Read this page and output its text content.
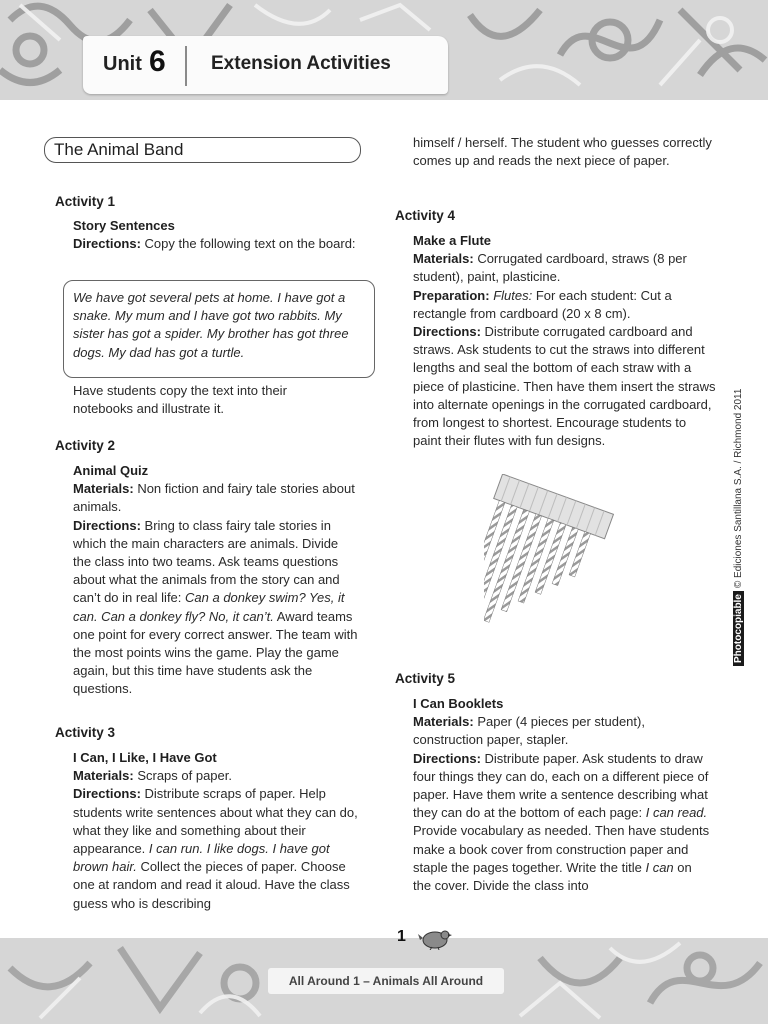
Unit 6 Extension Activities
The Animal Band

Activity 1

Story Sentences

Directions: Copy the following text on the board:

We have got several pets at home. I have got a snake. My mum and I have got two rabbits. My sister has got a spider. My brother has got three dogs. My dad has got a turtle.

Have students copy the text into their notebooks and illustrate it.

Activity 2

Animal Quiz

Materials: Non fiction and fairy tale stories about animals.

Directions: Bring to class fairy tale stories in which the main characters are animals. Divide the class into two teams. Ask teams questions about what the animals from the story can and can’t do in real life: Can a donkey swim? Yes, it can. Can a donkey fly? No, it can’t. Award teams one point for every correct answer. The team with the most points wins the game. Play the game again, but this time have students ask the questions.

Activity 3

I Can, I Like, I Have Got

Materials: Scraps of paper.

Directions: Distribute scraps of paper. Help students write sentences about what they can do, what they like and something about their appearance. I can run. I like dogs. I have got brown hair. Collect the pieces of paper. Choose one at random and read it aloud. Have the class guess who is describing

himself / herself. The student who guesses correctly comes up and reads the next piece of paper.

Activity 4

Make a Flute

Materials: Corrugated cardboard, straws (8 per student), paint, plasticine.

Preparation: Flutes: For each student: Cut a rectangle from cardboard (20 x 8 cm).

Directions: Distribute corrugated cardboard and straws. Ask students to cut the straws into different lengths and seal the bottom of each straw with a piece of plasticine. Then have them insert the straws into alternate openings in the corrugated cardboard, from longest to shortest. Encourage students to paint their flutes with fun designs.

Activity 5

I Can Booklets

Materials: Paper (4 pieces per student), construction paper, stapler.

Directions: Distribute paper. Ask students to draw four things they can do, each on a different piece of paper. Have them write a sentence describing what they can do at the bottom of each page: I can read. Provide vocabulary as needed. Then have students make a book cover from construction paper and staple the pages together. Write the title I can on the cover. Divide the class into

Photocopiable© Ediciones Santillana S.A. / Richmond 2011
1
All Around 1 – Animals All Around
